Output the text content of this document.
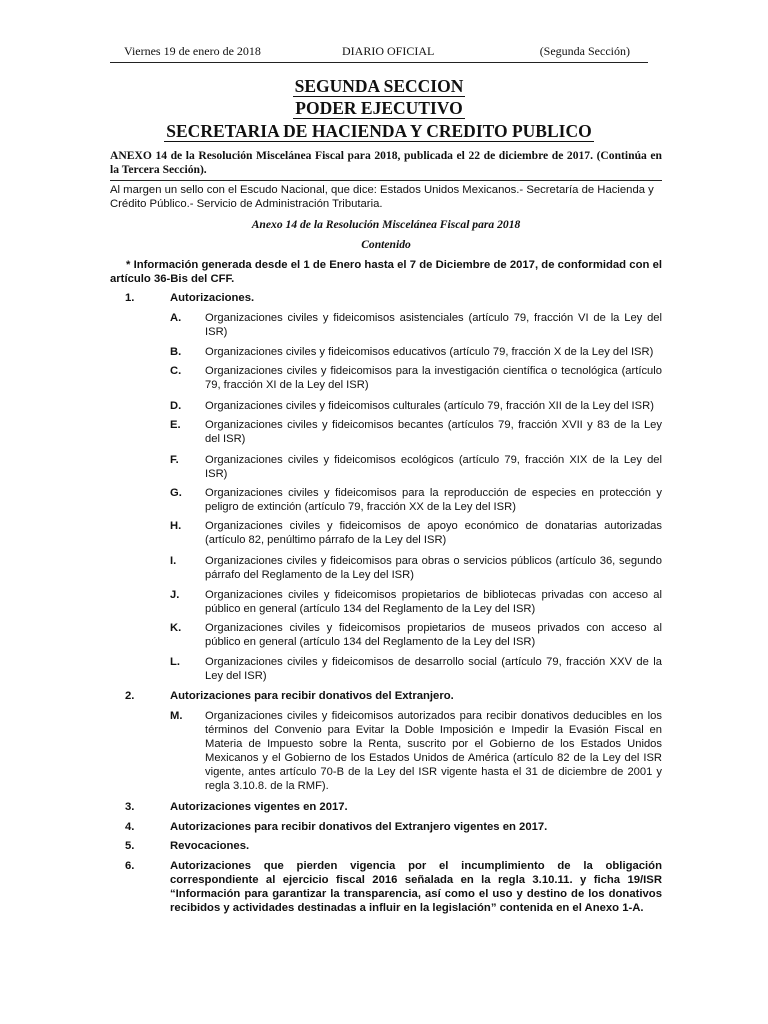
Viernes 19 de enero de 2018	DIARIO OFICIAL	(Segunda Sección)
SEGUNDA SECCION
PODER EJECUTIVO
SECRETARIA DE HACIENDA Y CREDITO PUBLICO
ANEXO 14 de la Resolución Miscelánea Fiscal para 2018, publicada el 22 de diciembre de 2017. (Continúa en la Tercera Sección).
Al margen un sello con el Escudo Nacional, que dice: Estados Unidos Mexicanos.- Secretaría de Hacienda y Crédito Público.- Servicio de Administración Tributaria.
Anexo 14 de la Resolución Miscelánea Fiscal para 2018
Contenido
* Información generada desde el 1 de Enero hasta el 7 de Diciembre de 2017, de conformidad con el artículo 36-Bis del CFF.
1.	Autorizaciones.
A. Organizaciones civiles y fideicomisos asistenciales (artículo 79, fracción VI de la Ley del ISR)
B. Organizaciones civiles y fideicomisos educativos (artículo 79, fracción X de la Ley del ISR)
C. Organizaciones civiles y fideicomisos para la investigación científica o tecnológica (artículo 79, fracción XI de la Ley del ISR)
D. Organizaciones civiles y fideicomisos culturales (artículo 79, fracción XII de la Ley del ISR)
E. Organizaciones civiles y fideicomisos becantes (artículos 79, fracción XVII y 83 de la Ley del ISR)
F. Organizaciones civiles y fideicomisos ecológicos (artículo 79, fracción XIX de la Ley del ISR)
G. Organizaciones civiles y fideicomisos para la reproducción de especies en protección y peligro de extinción (artículo 79, fracción XX de la Ley del ISR)
H. Organizaciones civiles y fideicomisos de apoyo económico de donatarias autorizadas (artículo 82, penúltimo párrafo de la Ley del ISR)
I.	Organizaciones civiles y fideicomisos para obras o servicios públicos (artículo 36, segundo párrafo del Reglamento de la Ley del ISR)
J. Organizaciones civiles y fideicomisos propietarios de bibliotecas privadas con acceso al público en general (artículo 134 del Reglamento de la Ley del ISR)
K. Organizaciones civiles y fideicomisos propietarios de museos privados con acceso al público en general (artículo 134 del Reglamento de la Ley del ISR)
L. Organizaciones civiles y fideicomisos de desarrollo social (artículo 79, fracción XXV de la Ley del ISR)
2.	Autorizaciones para recibir donativos del Extranjero.
M. Organizaciones civiles y fideicomisos autorizados para recibir donativos deducibles en los términos del Convenio para Evitar la Doble Imposición e Impedir la Evasión Fiscal en Materia de Impuesto sobre la Renta, suscrito por el Gobierno de los Estados Unidos Mexicanos y el Gobierno de los Estados Unidos de América (artículo 82 de la Ley del ISR vigente, antes artículo 70-B de la Ley del ISR vigente hasta el 31 de diciembre de 2001 y regla 3.10.8. de la RMF).
3.	Autorizaciones vigentes en 2017.
4.	Autorizaciones para recibir donativos del Extranjero vigentes en 2017.
5.	Revocaciones.
6.	Autorizaciones que pierden vigencia por el incumplimiento de la obligación correspondiente al ejercicio fiscal 2016 señalada en la regla 3.10.11. y ficha 19/ISR “Información para garantizar la transparencia, así como el uso y destino de los donativos recibidos y actividades destinadas a influir en la legislación” contenida en el Anexo 1-A.
